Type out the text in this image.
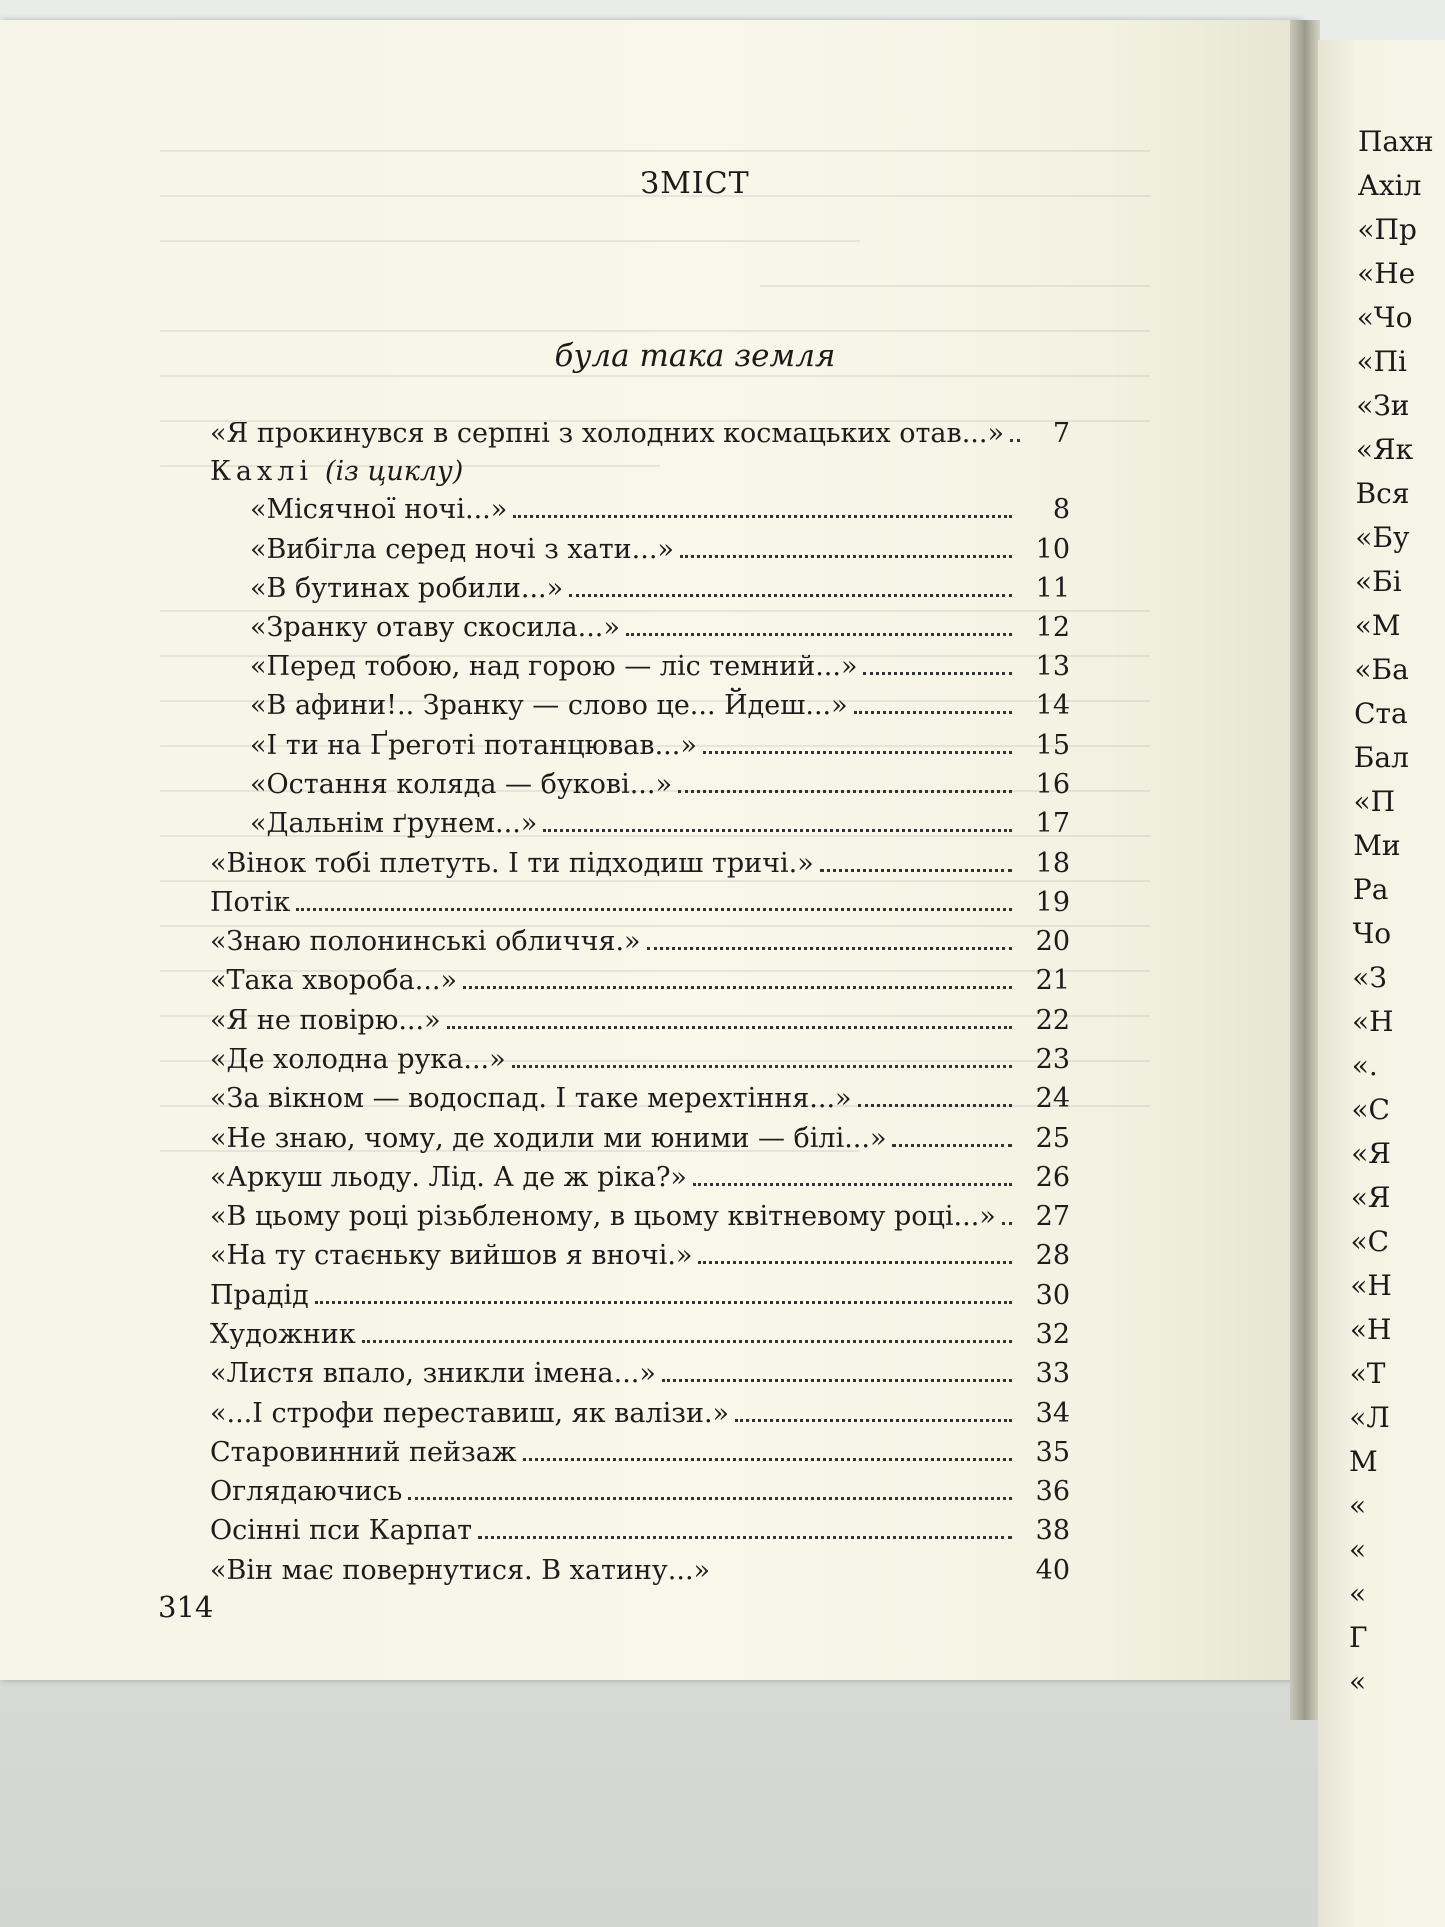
ЗМІСТ
була така земля
Кахлі (із циклу)
«Я прокинувся в серпні з холодних космацьких отав...»	7
«Місячної ночі...»	8
«Вибігла серед ночі з хати...»	10
«В бутинах робили...»	11
«Зранку отаву скосила...»	12
«Перед тобою, над горою — ліс темний...»	13
«В афини!.. Зранку — слово це... Йдеш...»	14
«І ти на Ґреготі потанцював...»	15
«Остання коляда — букові...»	16
«Дальнім ґрунем...»	17
«Вінок тобі плетуть. І ти підходиш тричі.»	18
Потік	19
«Знаю полонинські обличчя.»	20
«Така хвороба...»	21
«Я не повірю...»	22
«Де холодна рука...»	23
«За вікном — водоспад. І таке мерехтіння...»	24
«Не знаю, чому, де ходили ми юними — білі...»	25
«Аркуш льоду. Лід. А де ж ріка?»	26
«В цьому році різьбленому, в цьому квітневому році...»	27
«На ту стаєньку вийшов я вночі.»	28
Прадід	30
Художник	32
«Листя впало, зникли імена...»	33
«...І строфи переставиш, як валізи.»	34
Старовинний пейзаж	35
Оглядаючись	36
Осінні пси Карпат	38
«Він має повернутися. В хатину...»	40
314
Пахн
Ахіл
«Пр
«Не
«Чо
«Пі
«Зи
«Як
Вся
«Бу
«Бі
«М
«Ба
Ста
Бал
«П
Ми
Ра
Чо
«З
«Н
«.
«С
«Я
«Я
«С
«Н
«Н
«Т
«Л
М
«
«
«
Г
«
